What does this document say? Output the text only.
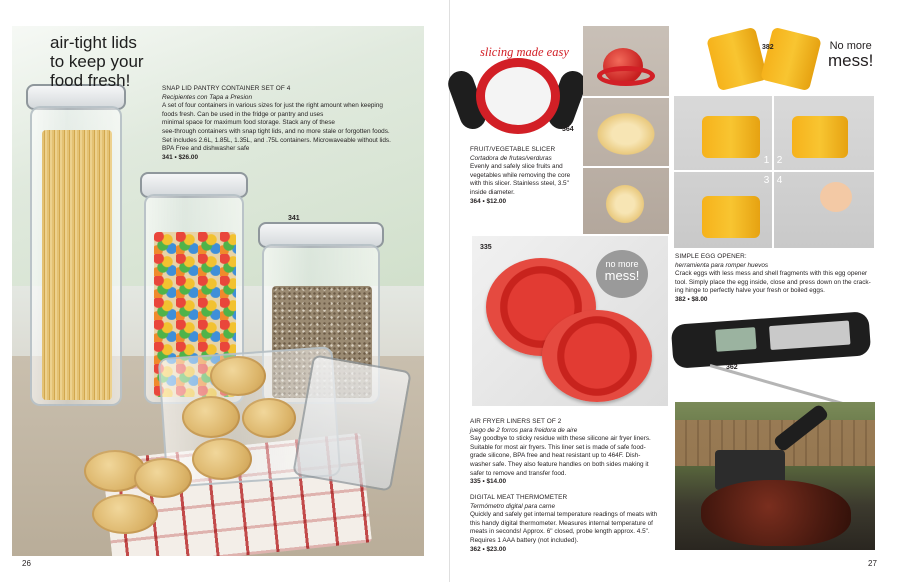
air-tight lids
to keep your
food fresh!	SNAP LID PANTRY CONTAINER SET OF 4
Recipientes con Tapa a Presion
A set of four containers in various sizes for just the right amount when keeping
foods fresh. Can be used in the fridge or pantry and uses
minimal space for maximum food storage. Stack any of these
see-through containers with snap tight lids, and no more stale or forgotten foods.
Set includes 2.6L, 1.85L, 1.35L, and .75L containers. Microwaveable without lids.
BPA Free and dishwasher safe
341 • $26.00
341
26
slicing made easy
364
FRUIT/VEGETABLE SLICER
Cortadora de frutas/verduras
Evenly and safely slice fruits and
vegetables while removing the core
with this slicer. Stainless steel, 3.5"
inside diameter.
364 • $12.00
335
no more
mess!
AIR FRYER LINERS SET OF 2
juego de 2 forros para freidora de aire
Say goodbye to sticky residue with these silicone air fryer liners.
Suitable for most air fryers. This liner set is made of safe food-
grade silicone, BPA free and heat resistant up to 464F. Dish-
washer safe. They also feature handles on both sides making it
safer to remove and transfer food.
335 • $14.00
DIGITAL MEAT THERMOMETER
Termómetro digital para carne
Quickly and safely get internal temperature readings of meats with
this handy digital thermometer. Measures internal temperature of
meats in seconds! Approx. 6" closed, probe length approx. 4.5".
Requires 1 AAA battery (not included).
362 • $23.00
382	No more
mess!
1 2
3 4
SIMPLE EGG OPENER:
herramienta para romper huevos
Crack eggs with less mess and shell fragments with this egg opener
tool. Simply place the egg inside, close and press down on the crack-
ing hinge to perfectly halve your fresh or boiled eggs.
382 • $8.00
362
27
